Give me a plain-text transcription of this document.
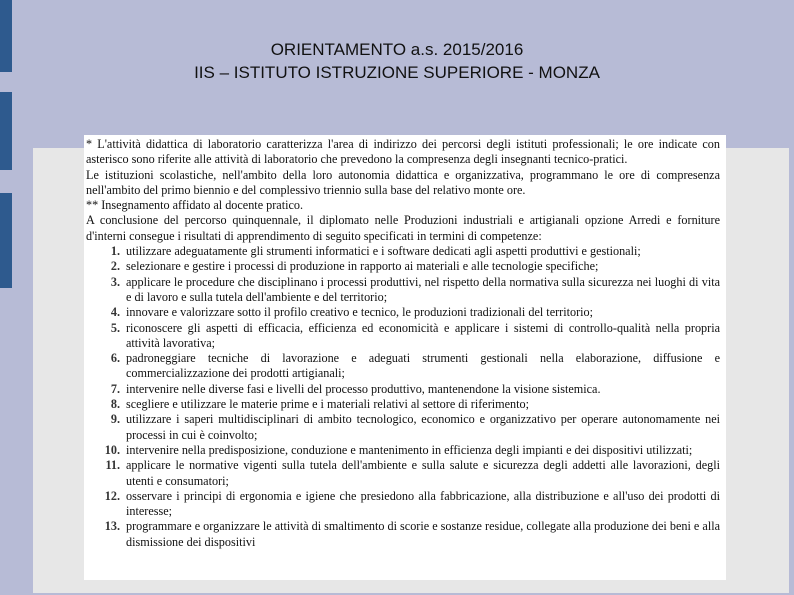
ORIENTAMENTO a.s. 2015/2016
IIS – ISTITUTO ISTRUZIONE SUPERIORE - MONZA

* L'attività didattica di laboratorio caratterizza l'area di indirizzo dei percorsi degli istituti professionali; le ore indicate con asterisco sono riferite alle attività di laboratorio che prevedono la compresenza degli insegnanti tecnico-pratici.

Le istituzioni scolastiche, nell'ambito della loro autonomia didattica e organizzativa, programmano le ore di compresenza nell'ambito del primo biennio e del complessivo triennio sulla base del relativo monte ore.

** Insegnamento affidato al docente pratico.

A conclusione del percorso quinquennale, il diplomato nelle Produzioni industriali e artigianali opzione Arredi e forniture d'interni consegue i risultati di apprendimento di seguito specificati in termini di competenze:

1. utilizzare adeguatamente gli strumenti informatici e i software dedicati agli aspetti produttivi e gestionali;
2. selezionare e gestire i processi di produzione in rapporto ai materiali e alle tecnologie specifiche;
3. applicare le procedure che disciplinano i processi produttivi, nel rispetto della normativa sulla sicurezza nei luoghi di vita e di lavoro e sulla tutela dell'ambiente e del territorio;
4. innovare e valorizzare sotto il profilo creativo e tecnico, le produzioni tradizionali del territorio;
5. riconoscere gli aspetti di efficacia, efficienza ed economicità e applicare i sistemi di controllo-qualità nella propria attività lavorativa;
6. padroneggiare tecniche di lavorazione e adeguati strumenti gestionali nella elaborazione, diffusione e commercializzazione dei prodotti artigianali;
7. intervenire nelle diverse fasi e livelli del processo produttivo, mantenendone la visione sistemica.
8. scegliere e utilizzare le materie prime e i materiali relativi al settore di riferimento;
9. utilizzare i saperi multidisciplinari di ambito tecnologico, economico e organizzativo per operare autonomamente nei processi in cui è coinvolto;
10. intervenire nella predisposizione, conduzione e mantenimento in efficienza degli impianti e dei dispositivi utilizzati;
11. applicare le normative vigenti sulla tutela dell'ambiente e sulla salute e sicurezza degli addetti alle lavorazioni, degli utenti e consumatori;
12. osservare i principi di ergonomia e igiene che presiedono alla fabbricazione, alla distribuzione e all'uso dei prodotti di interesse;
13. programmare e organizzare le attività di smaltimento di scorie e sostanze residue, collegate alla produzione dei beni e alla dismissione dei dispositivi
